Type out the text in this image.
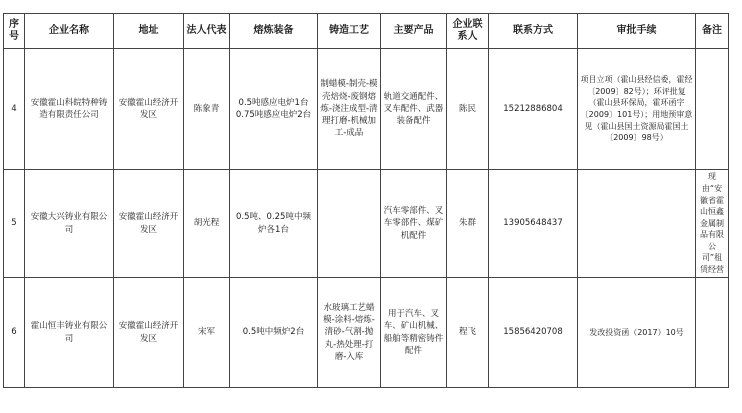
序号	企业名称	地址	法人代表	熔炼装备	铸造工艺	主要产品	企业联系人	联系方式	审批手续	备注
4	安徽霍山科皖特种铸造有限责任公司	安徽霍山经济开发区	陈象青	0.5吨感应电炉1台 0.75吨感应电炉2台	制蜡模-制壳-模壳焙烧-废钢熔炼-浇注成型-清理打磨-机械加工-成品	轨道交通配件、叉车配件、武器装备配件	陈民	15212886804	项目立项（霍山县经信委，霍经〔2009〕82号）；环评批复（霍山县环保局，霍环函字〔2009〕101号）；用地预审意见（霍山县国土资源局霍国土〔2009〕98号）	
5	安徽大兴铸业有限公司	安徽霍山经济开发区	胡光程	0.5吨、0.25吨中频炉各1台		汽车零部件、叉车零部件、煤矿机配件	朱群	13905648437		现由“安徽省霍山恒鑫金属制品有限公司”租赁经营
6	霍山恒丰铸业有限公司	安徽霍山经济开发区	宋军	0.5吨中频炉2台	水玻璃工艺蜡模-涂料-熔炼-清砂-气割-抛丸-热处理-打磨-入库	用于汽车、叉车、矿山机械、船舶等精密铸件配件	程飞	15856420708	发改投资函（2017）10号	
